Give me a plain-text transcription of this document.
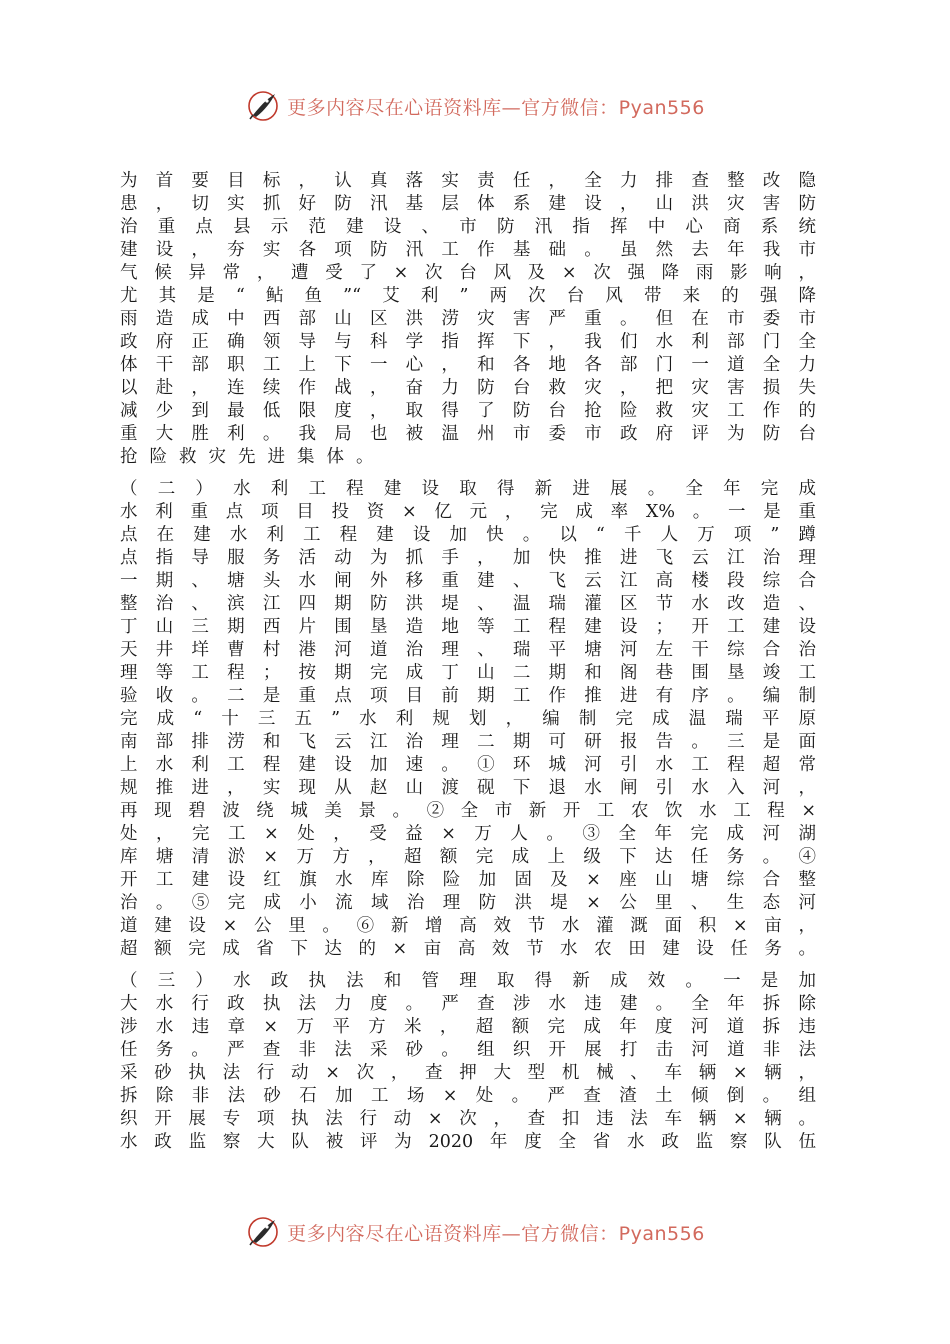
更多内容尽在心语资料库—官方微信：Pyan556
为首要目标，认真落实责任，全力排查整改隐
患，切实抓好防汛基层体系建设，山洪灾害防
治重点县示范建设、市防汛指挥中心商系统
建设，夯实各项防汛工作基础。虽然去年我市
气候异常，遭受了×次台风及×次强降雨影响，
尤其是“鲇鱼”“艾利”两次台风带来的强降
雨造成中西部山区洪涝灾害严重。但在市委市
政府正确领导与科学指挥下，我们水利部门全
体干部职工上下一心，和各地各部门一道全力
以赴，连续作战，奋力防台救灾，把灾害损失
减少到最低限度，取得了防台抢险救灾工作的
重大胜利。我局也被温州市委市政府评为防台
抢险救灾先进集体。
（二）水利工程建设取得新进展。全年完成
水利重点项目投资×亿元，完成率X%。一是重
点在建水利工程建设加快。以“千人万项”蹲
点指导服务活动为抓手，加快推进飞云江治理
一期、塘头水闸外移重建、飞云江高楼段综合
整治、滨江四期防洪堤、温瑞灌区节水改造、
丁山三期西片围垦造地等工程建设；开工建设
天井垟曹村港河道治理、瑞平塘河左干综合治
理等工程；按期完成丁山二期和阁巷围垦竣工
验收。二是重点项目前期工作推进有序。编制
完成“十三五”水利规划，编制完成温瑞平原
南部排涝和飞云江治理二期可研报告。三是面
上水利工程建设加速。①环城河引水工程超常
规推进，实现从赵山渡砚下退水闸引水入河，
再现碧波绕城美景。②全市新开工农饮水工程×
处，完工×处，受益×万人。③全年完成河湖
库塘清淤×万方，超额完成上级下达任务。④
开工建设红旗水库除险加固及×座山塘综合整
治。⑤完成小流域治理防洪堤×公里、生态河
道建设×公里。⑥新增高效节水灌溉面积×亩，
超额完成省下达的×亩高效节水农田建设任务。
（三）水政执法和管理取得新成效。一是加
大水行政执法力度。严查涉水违建。全年拆除
涉水违章×万平方米，超额完成年度河道拆违
任务。严查非法采砂。组织开展打击河道非法
采砂执法行动×次，查押大型机械、车辆×辆，
拆除非法砂石加工场×处。严查渣土倾倒。组
织开展专项执法行动×次，查扣违法车辆×辆。
水政监察大队被评为2020年度全省水政监察队伍
更多内容尽在心语资料库—官方微信：Pyan556
